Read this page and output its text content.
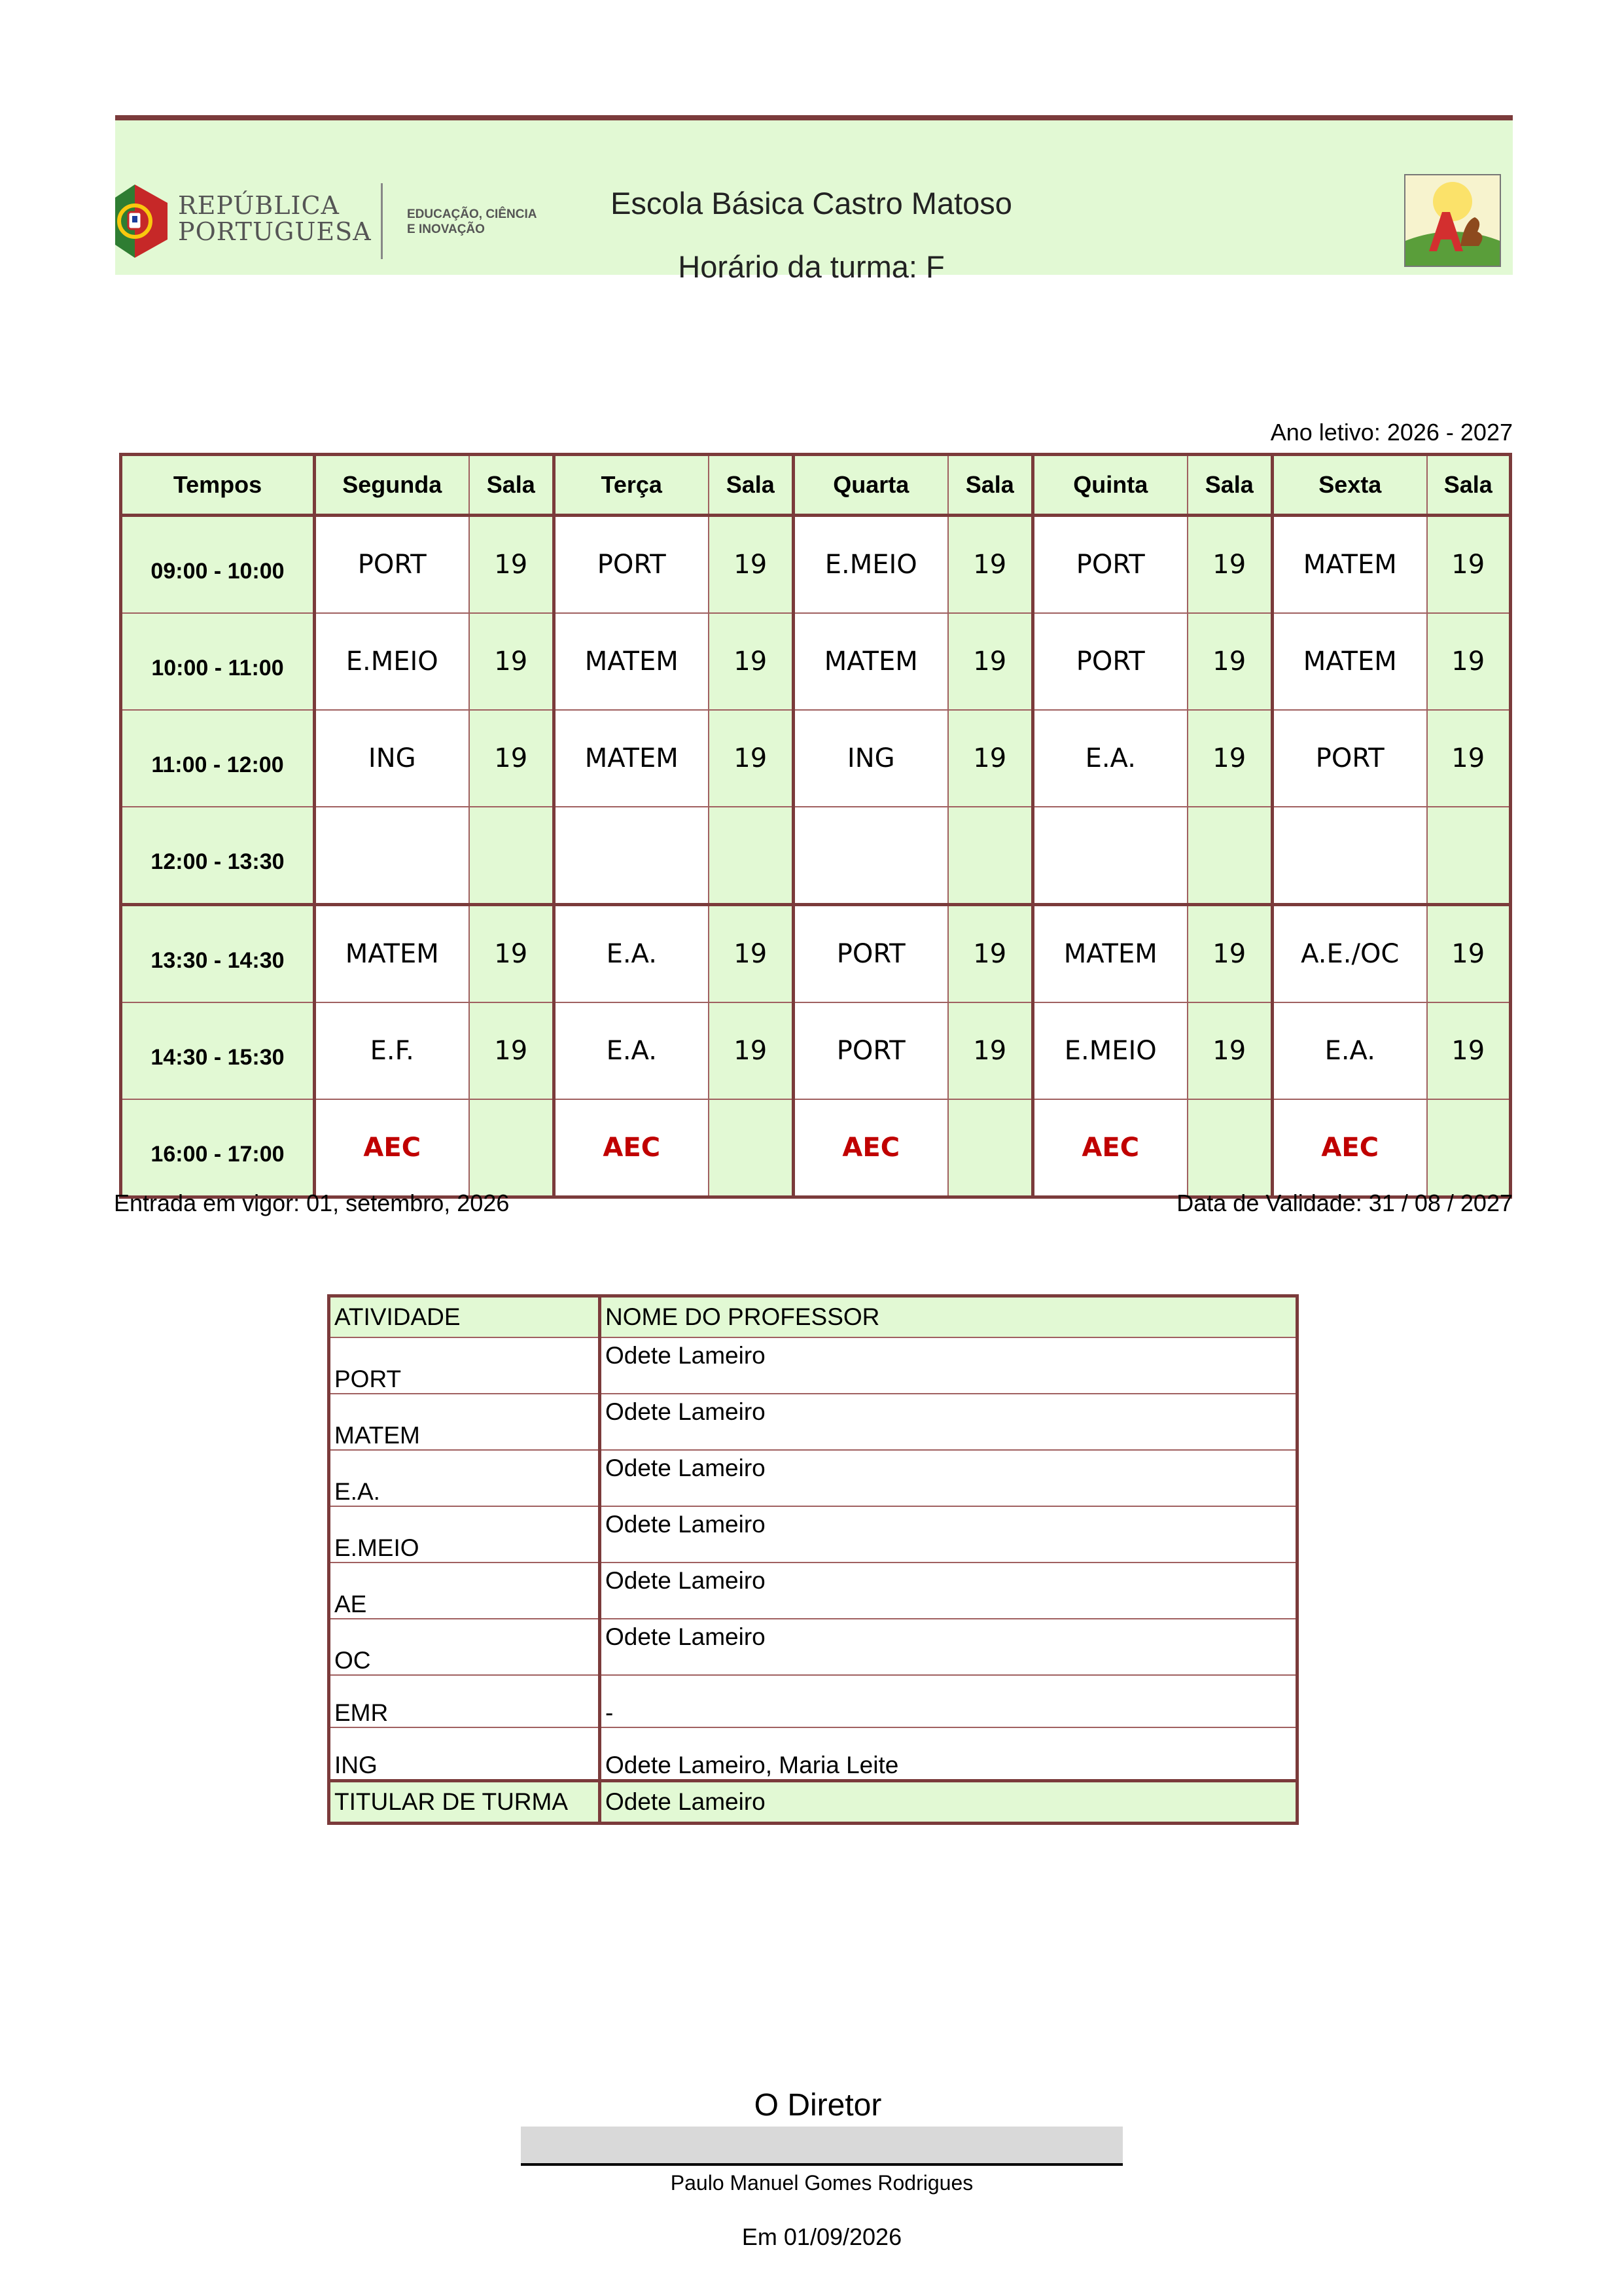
REPÚBLICA
PORTUGUESA
EDUCAÇÃO, CIÊNCIA
E INOVAÇÃO
Escola Básica Castro Matoso
Horário da turma: F
Ano letivo: 2026 - 2027
Tempos	Segunda	Sala	Terça	Sala	Quarta	Sala	Quinta	Sala	Sexta	Sala
09:00 - 10:00	PORT	19	PORT	19	E.MEIO	19	PORT	19	MATEM	19
10:00 - 11:00	E.MEIO	19	MATEM	19	MATEM	19	PORT	19	MATEM	19
11:00 - 12:00	ING	19	MATEM	19	ING	19	E.A.	19	PORT	19
12:00 - 13:30										
13:30 - 14:30	MATEM	19	E.A.	19	PORT	19	MATEM	19	A.E./OC	19
14:30 - 15:30	E.F.	19	E.A.	19	PORT	19	E.MEIO	19	E.A.	19
16:00 - 17:00	AEC		AEC		AEC		AEC		AEC	
Entrada em vigor: 01, setembro, 2026	Data de Validade: 31 / 08 / 2027
ATIVIDADE	NOME DO PROFESSOR
PORT	Odete Lameiro
MATEM	Odete Lameiro
E.A.	Odete Lameiro
E.MEIO	Odete Lameiro
AE	Odete Lameiro
OC	Odete Lameiro
EMR	-
ING	Odete Lameiro, Maria Leite
TITULAR DE TURMA	Odete Lameiro
O Diretor
Paulo Manuel Gomes Rodrigues
Em 01/09/2026
